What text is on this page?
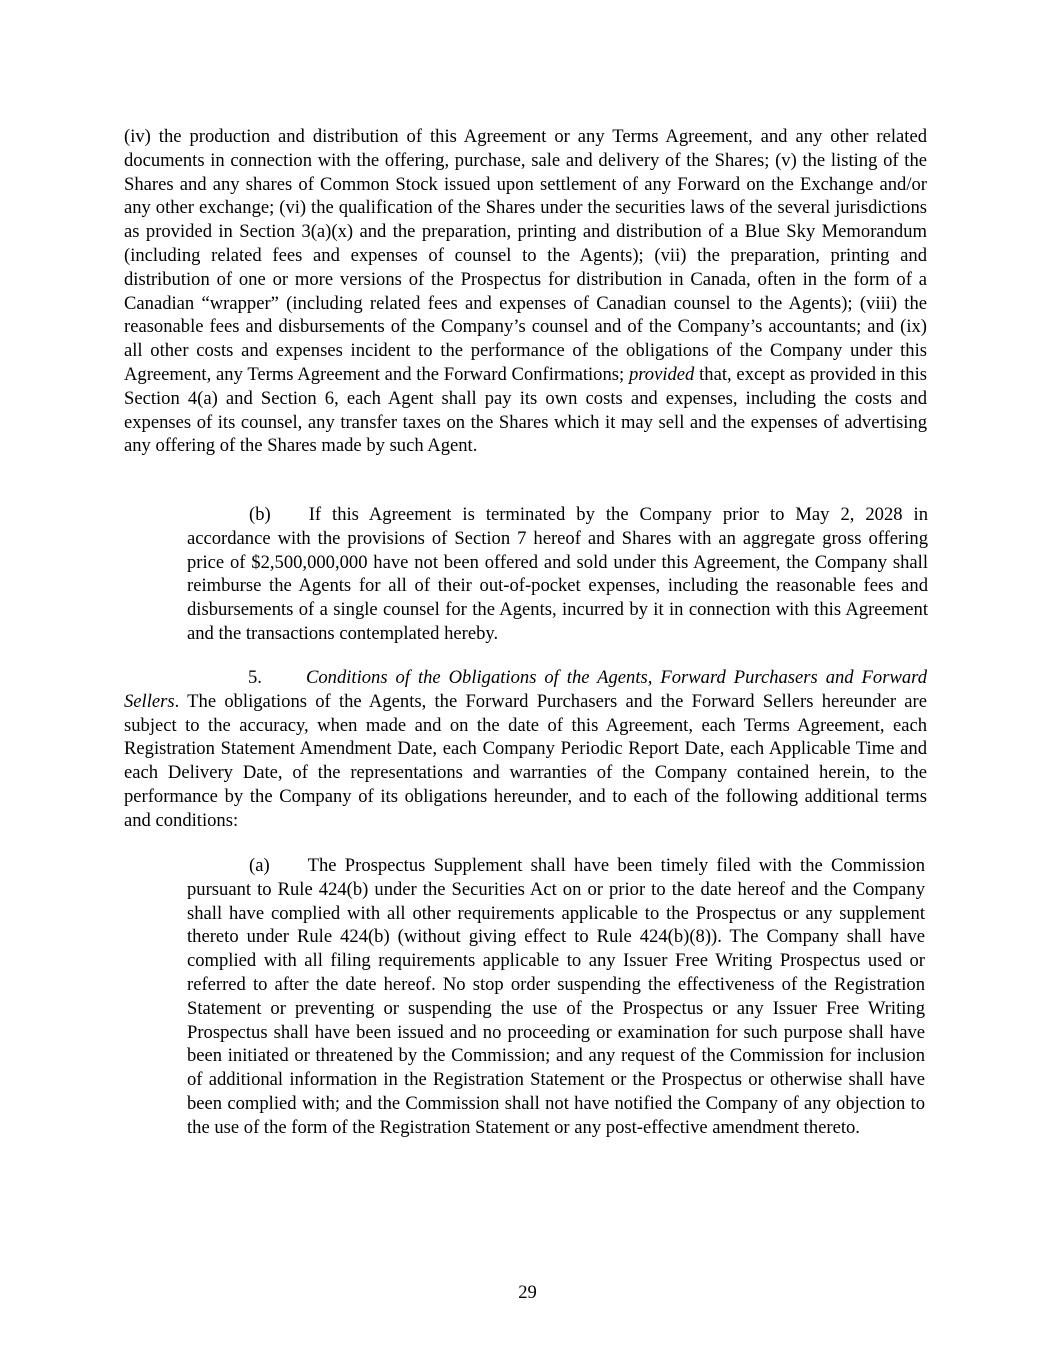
(iv) the production and distribution of this Agreement or any Terms Agreement, and any other related documents in connection with the offering, purchase, sale and delivery of the Shares; (v) the listing of the Shares and any shares of Common Stock issued upon settlement of any Forward on the Exchange and/or any other exchange; (vi) the qualification of the Shares under the securities laws of the several jurisdictions as provided in Section 3(a)(x) and the preparation, printing and distribution of a Blue Sky Memorandum (including related fees and expenses of counsel to the Agents); (vii) the preparation, printing and distribution of one or more versions of the Prospectus for distribution in Canada, often in the form of a Canadian “wrapper” (including related fees and expenses of Canadian counsel to the Agents); (viii) the reasonable fees and disbursements of the Company’s counsel and of the Company’s accountants; and (ix) all other costs and expenses incident to the performance of the obligations of the Company under this Agreement, any Terms Agreement and the Forward Confirmations; provided that, except as provided in this Section 4(a) and Section 6, each Agent shall pay its own costs and expenses, including the costs and expenses of its counsel, any transfer taxes on the Shares which it may sell and the expenses of advertising any offering of the Shares made by such Agent.

(b) If this Agreement is terminated by the Company prior to May 2, 2028 in accordance with the provisions of Section 7 hereof and Shares with an aggregate gross offering price of $2,500,000,000 have not been offered and sold under this Agreement, the Company shall reimburse the Agents for all of their out-of-pocket expenses, including the reasonable fees and disbursements of a single counsel for the Agents, incurred by it in connection with this Agreement and the transactions contemplated hereby.

5. Conditions of the Obligations of the Agents, Forward Purchasers and Forward Sellers. The obligations of the Agents, the Forward Purchasers and the Forward Sellers hereunder are subject to the accuracy, when made and on the date of this Agreement, each Terms Agreement, each Registration Statement Amendment Date, each Company Periodic Report Date, each Applicable Time and each Delivery Date, of the representations and warranties of the Company contained herein, to the performance by the Company of its obligations hereunder, and to each of the following additional terms and conditions:

(a) The Prospectus Supplement shall have been timely filed with the Commission pursuant to Rule 424(b) under the Securities Act on or prior to the date hereof and the Company shall have complied with all other requirements applicable to the Prospectus or any supplement thereto under Rule 424(b) (without giving effect to Rule 424(b)(8)). The Company shall have complied with all filing requirements applicable to any Issuer Free Writing Prospectus used or referred to after the date hereof. No stop order suspending the effectiveness of the Registration Statement or preventing or suspending the use of the Prospectus or any Issuer Free Writing Prospectus shall have been issued and no proceeding or examination for such purpose shall have been initiated or threatened by the Commission; and any request of the Commission for inclusion of additional information in the Registration Statement or the Prospectus or otherwise shall have been complied with; and the Commission shall not have notified the Company of any objection to the use of the form of the Registration Statement or any post-effective amendment thereto.

29
